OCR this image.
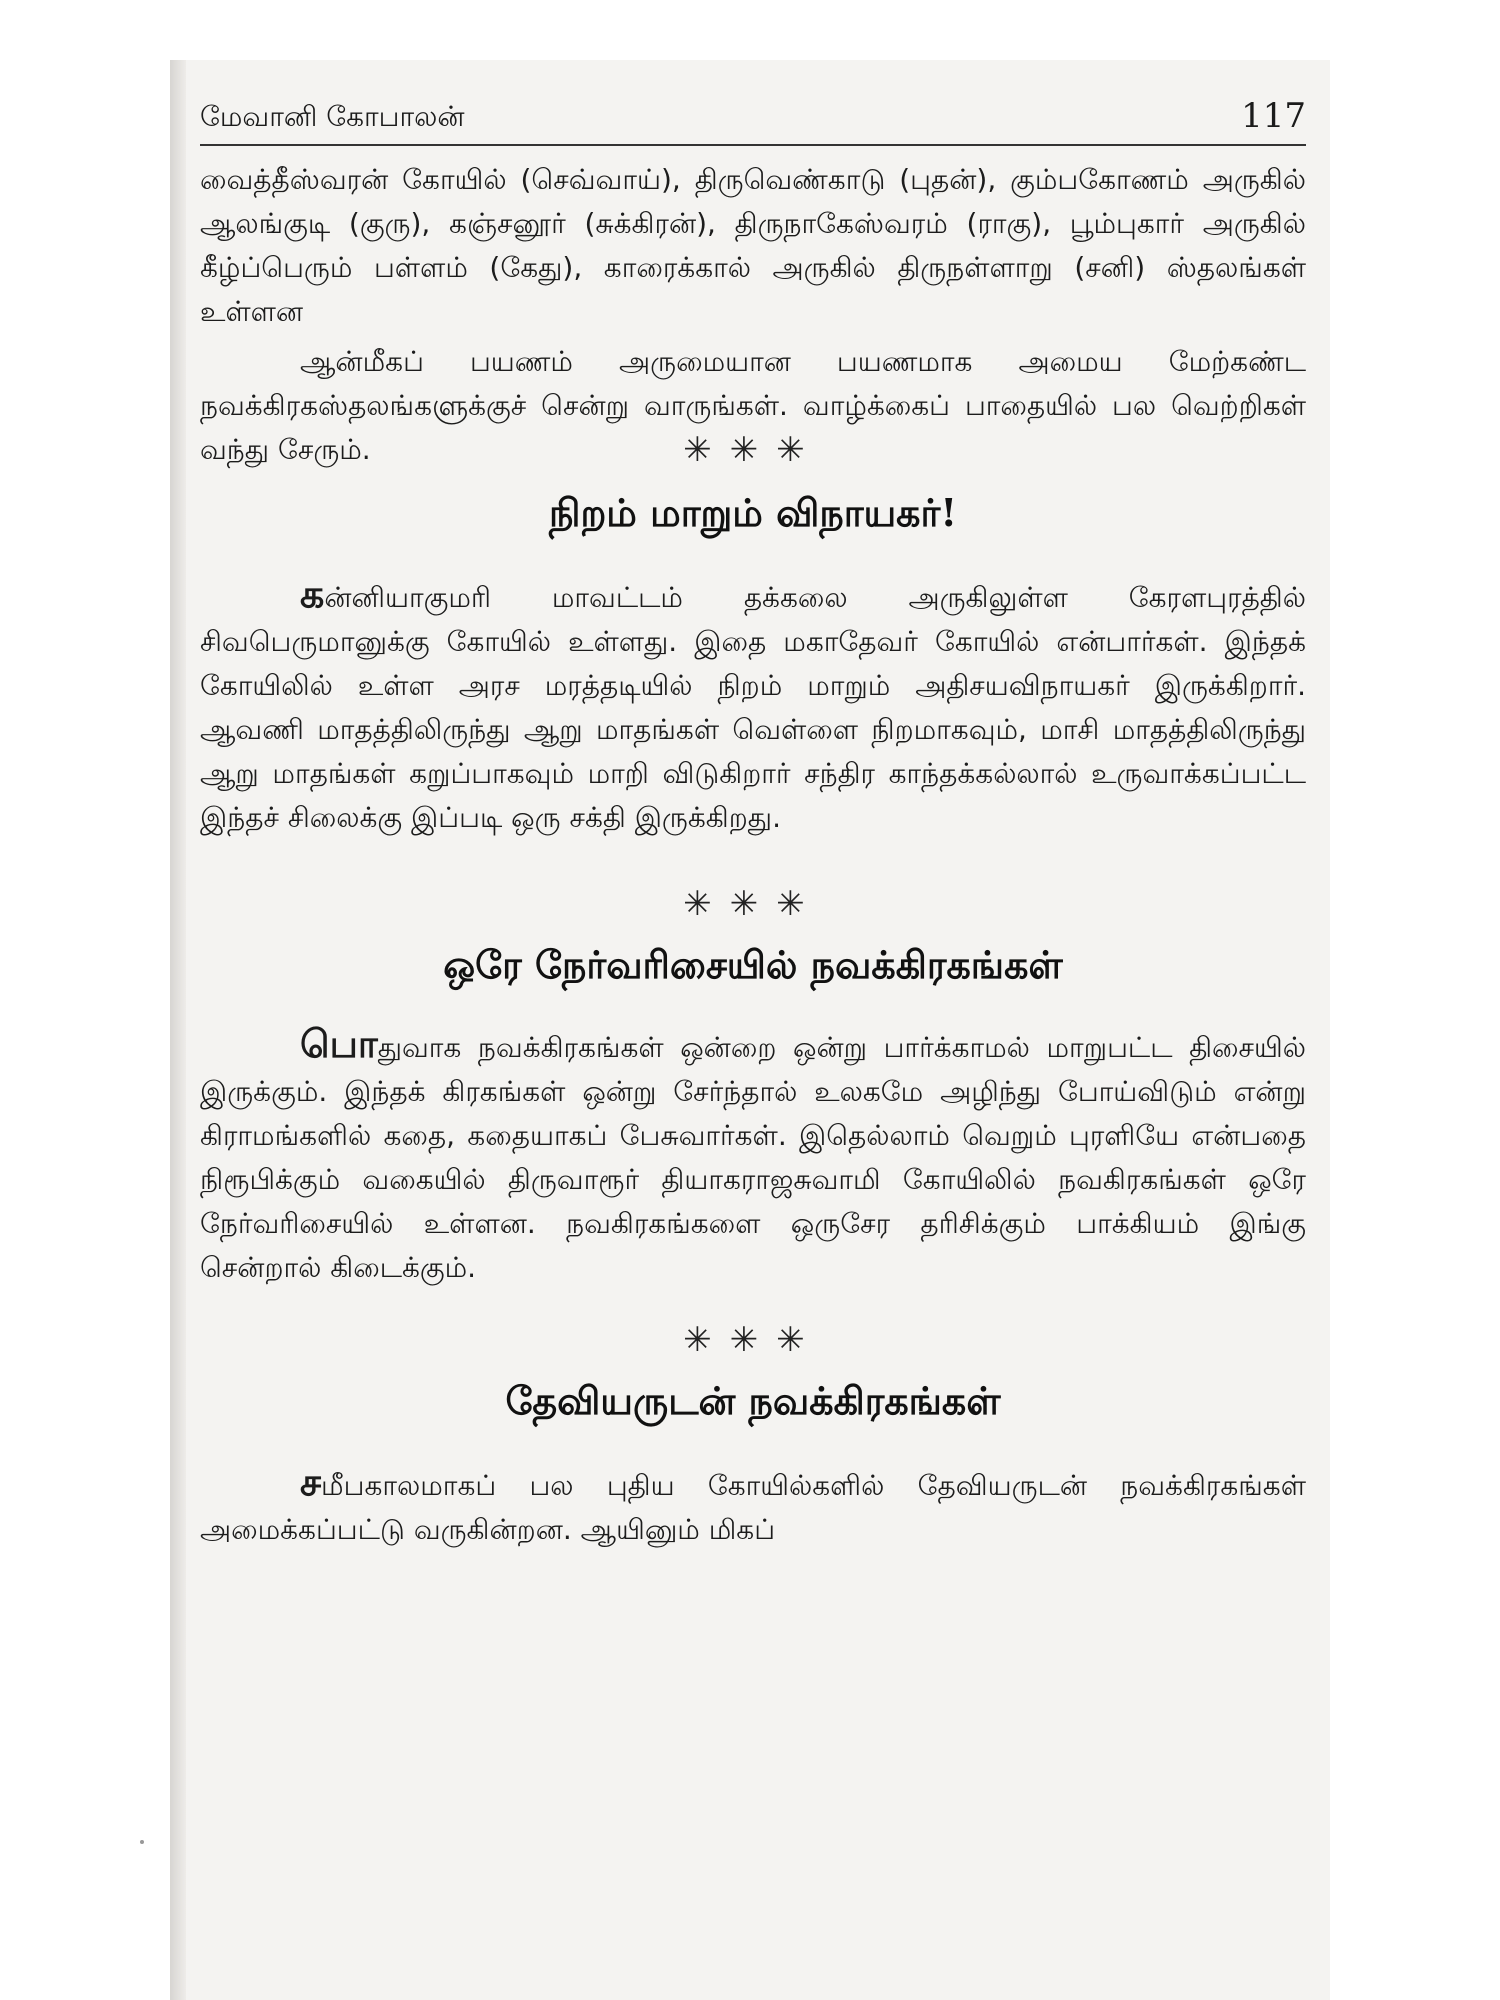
மேவானி கோபாலன்	117

வைத்தீஸ்வரன் கோயில் (செவ்வாய்), திருவெண்காடு (புதன்), கும்பகோணம் அருகில் ஆலங்குடி (குரு), கஞ்சனூர் (சுக்கிரன்), திருநாகேஸ்வரம் (ராகு), பூம்புகார் அருகில் கீழ்ப்பெரும் பள்ளம் (கேது), காரைக்கால் அருகில் திருநள்ளாறு (சனி) ஸ்தலங்கள் உள்ளன

ஆன்மீகப் பயணம் அருமையான பயணமாக அமைய மேற்கண்ட நவக்கிரகஸ்தலங்களுக்குச் சென்று வாருங்கள். வாழ்க்கைப் பாதையில் பல வெற்றிகள் வந்து சேரும்.	✳✳✳

நிறம் மாறும் விநாயகர்!

கன்னியாகுமரி மாவட்டம் தக்கலை அருகிலுள்ள கேரளபுரத்தில் சிவபெருமானுக்கு கோயில் உள்ளது. இதை மகாதேவர் கோயில் என்பார்கள். இந்தக் கோயிலில் உள்ள அரச மரத்தடியில் நிறம் மாறும் அதிசயவிநாயகர் இருக்கிறார். ஆவணி மாதத்திலிருந்து ஆறு மாதங்கள் வெள்ளை நிறமாகவும், மாசி மாதத்திலிருந்து ஆறு மாதங்கள் கறுப்பாகவும் மாறி விடுகிறார் சந்திர காந்தக்கல்லால் உருவாக்கப்பட்ட இந்தச் சிலைக்கு இப்படி ஒரு சக்தி இருக்கிறது.

✳✳✳

ஒரே நேர்வரிசையில் நவக்கிரகங்கள்

பொதுவாக நவக்கிரகங்கள் ஒன்றை ஒன்று பார்க்காமல் மாறுபட்ட திசையில் இருக்கும். இந்தக் கிரகங்கள் ஒன்று சேர்ந்தால் உலகமே அழிந்து போய்விடும் என்று கிராமங்களில் கதை, கதையாகப் பேசுவார்கள். இதெல்லாம் வெறும் புரளியே என்பதை நிரூபிக்கும் வகையில் திருவாரூர் தியாகராஜசுவாமி கோயிலில் நவகிரகங்கள் ஒரே நேர்வரிசையில் உள்ளன. நவகிரகங்களை ஒருசேர தரிசிக்கும் பாக்கியம் இங்கு சென்றால் கிடைக்கும்.

✳✳✳

தேவியருடன் நவக்கிரகங்கள்

சமீபகாலமாகப் பல புதிய கோயில்களில் தேவியருடன் நவக்கிரகங்கள் அமைக்கப்பட்டு வருகின்றன. ஆயினும் மிகப்
